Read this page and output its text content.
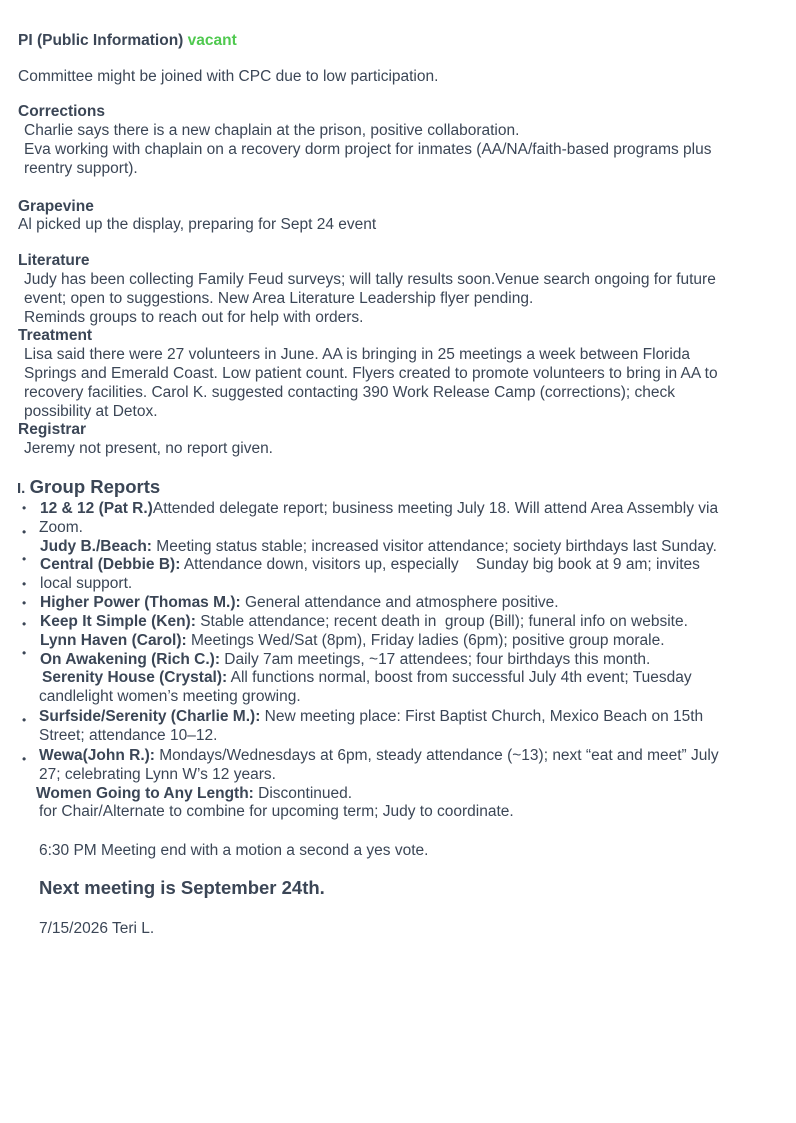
PI (Public Information) vacant
Committee might be joined with CPC due to low participation.
Corrections
Charlie says there is a new chaplain at the prison, positive collaboration.
Eva working with chaplain on a recovery dorm project for inmates (AA/NA/faith-based programs plus
reentry support).
Grapevine
Al picked up the display, preparing for Sept 24 event
Literature
Judy has been collecting Family Feud surveys; will tally results soon.Venue search ongoing for future
event; open to suggestions. New Area Literature Leadership flyer pending.
Reminds groups to reach out for help with orders.
Treatment
Lisa said there were 27 volunteers in June. AA is bringing in 25 meetings a week between Florida
Springs and Emerald Coast. Low patient count. Flyers created to promote volunteers to bring in AA to
recovery facilities. Carol K. suggested contacting 390 Work Release Camp (corrections); check
possibility at Detox.
Registrar
Jeremy not present, no report given.
I. Group Reports
•
•
•
•
•
•
•
•
•
12 & 12 (Pat R.)Attended delegate report; business meeting July 18. Will attend Area Assembly via
Zoom.
Judy B./Beach: Meeting status stable; increased visitor attendance; society birthdays last Sunday.
Central (Debbie B): Attendance down, visitors up, especially    Sunday big book at 9 am; invites
local support.
Higher Power (Thomas M.): General attendance and atmosphere positive.
Keep It Simple (Ken): Stable attendance; recent death in  group (Bill); funeral info on website.
Lynn Haven (Carol): Meetings Wed/Sat (8pm), Friday ladies (6pm); positive group morale.
On Awakening (Rich C.): Daily 7am meetings, ~17 attendees; four birthdays this month.
Serenity House (Crystal): All functions normal, boost from successful July 4th event; Tuesday
candlelight women’s meeting growing.
Surfside/Serenity (Charlie M.): New meeting place: First Baptist Church, Mexico Beach on 15th
Street; attendance 10–12.
Wewa(John R.): Mondays/Wednesdays at 6pm, steady attendance (~13); next “eat and meet” July
27; celebrating Lynn W’s 12 years.
Women Going to Any Length: Discontinued.
for Chair/Alternate to combine for upcoming term; Judy to coordinate.
6:30 PM Meeting end with a motion a second a yes vote.
Next meeting is September 24th.
7/15/2026 Teri L.
